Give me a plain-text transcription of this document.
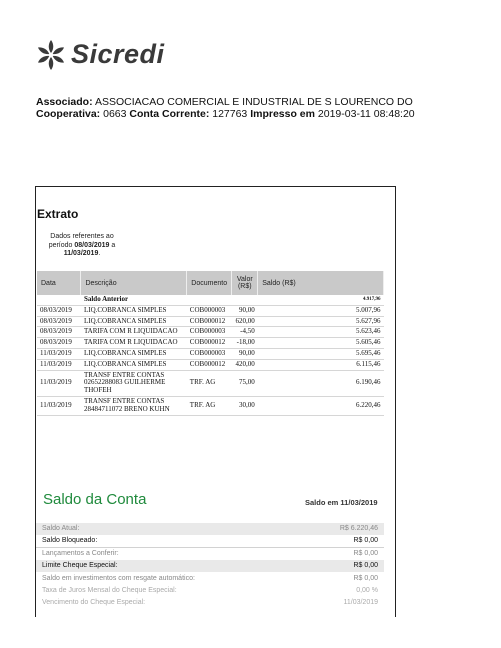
Sicredi
Associado: ASSOCIACAO COMERCIAL E INDUSTRIAL DE S LOURENCO DO
Cooperativa: 0663 Conta Corrente: 127763 Impresso em 2019-03-11 08:48:20
Extrato
Dados referentes ao
período 08/03/2019 a
11/03/2019.
Data	Descrição	Documento	Valor (R$)	Saldo (R$)
	Saldo Anterior			4.917,96
08/03/2019	LIQ.COBRANCA SIMPLES	COB000003	90,00	5.007,96
08/03/2019	LIQ.COBRANCA SIMPLES	COB000012	620,00	5.627,96
08/03/2019	TARIFA COM R LIQUIDACAO	COB000003	-4,50	5.623,46
08/03/2019	TARIFA COM R LIQUIDACAO	COB000012	-18,00	5.605,46
11/03/2019	LIQ.COBRANCA SIMPLES	COB000003	90,00	5.695,46
11/03/2019	LIQ.COBRANCA SIMPLES	COB000012	420,00	6.115,46
11/03/2019	TRANSF ENTRE CONTAS 02652288083 GUILHERME THOFEH	TRF. AG	75,00	6.190,46
11/03/2019	TRANSF ENTRE CONTAS 28484711072 BRENO KUHN	TRF. AG	30,00	6.220,46
Saldo da Conta	Saldo em 11/03/2019
Saldo Atual:	R$ 6.220,46
Saldo Bloqueado:	R$ 0,00
Lançamentos a Conferir:	R$ 0,00
Limite Cheque Especial:	R$ 0,00
Saldo em investimentos com resgate automático:	R$ 0,00
Taxa de Juros Mensal do Cheque Especial:	0,00 %
Vencimento do Cheque Especial:	11/03/2019
